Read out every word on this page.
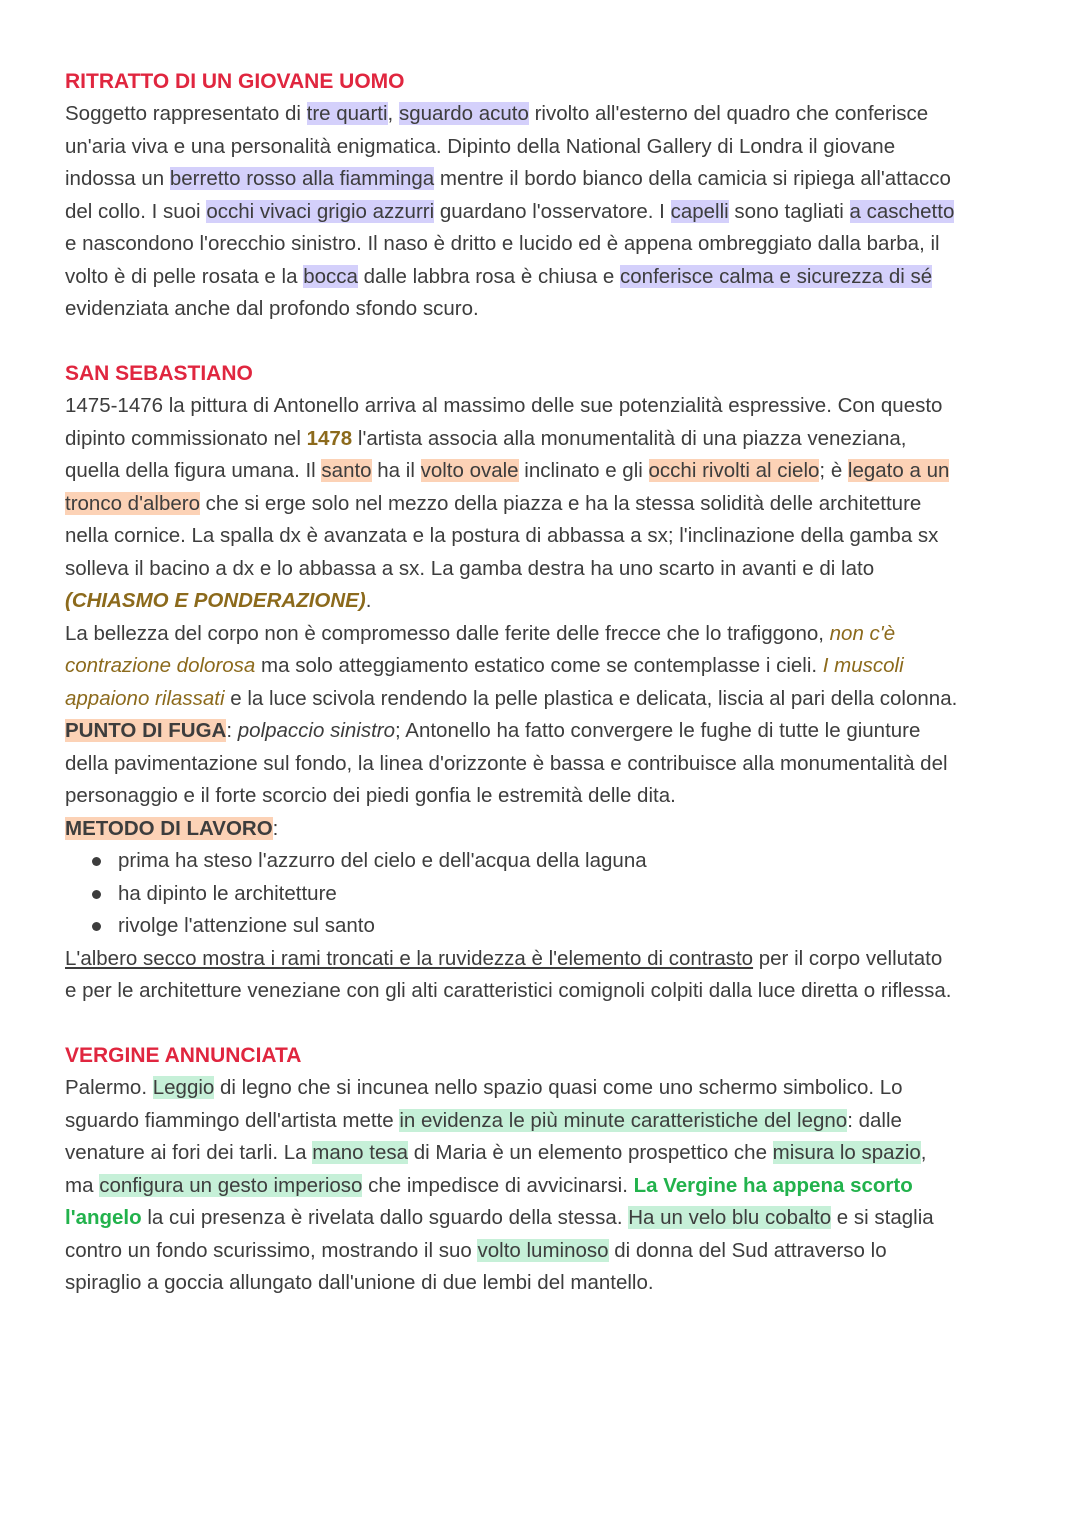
RITRATTO DI UN GIOVANE UOMO
Soggetto rappresentato di tre quarti, sguardo acuto rivolto all'esterno del quadro che conferisce
un'aria viva e una personalità enigmatica. Dipinto della National Gallery di Londra il giovane
indossa un berretto rosso alla fiamminga mentre il bordo bianco della camicia si ripiega all'attacco
del collo. I suoi occhi vivaci grigio azzurri guardano l'osservatore. I capelli sono tagliati a caschetto
e nascondono l'orecchio sinistro. Il naso è dritto e lucido ed è appena ombreggiato dalla barba, il
volto è di pelle rosata e la bocca dalle labbra rosa è chiusa e conferisce calma e sicurezza di sé
evidenziata anche dal profondo sfondo scuro.
SAN SEBASTIANO
1475-1476 la pittura di Antonello arriva al massimo delle sue potenzialità espressive. Con questo
dipinto commissionato nel 1478 l'artista associa alla monumentalità di una piazza veneziana,
quella della figura umana. Il santo ha il volto ovale inclinato e gli occhi rivolti al cielo; è legato a un
tronco d'albero che si erge solo nel mezzo della piazza e ha la stessa solidità delle architetture
nella cornice. La spalla dx è avanzata e la postura di abbassa a sx; l'inclinazione della gamba sx
solleva il bacino a dx e lo abbassa a sx. La gamba destra ha uno scarto in avanti e di lato
(CHIASMO E PONDERAZIONE).
La bellezza del corpo non è compromesso dalle ferite delle frecce che lo trafiggono, non c'è
contrazione dolorosa ma solo atteggiamento estatico come se contemplasse i cieli. I muscoli
appaiono rilassati e la luce scivola rendendo la pelle plastica e delicata, liscia al pari della colonna.
PUNTO DI FUGA: polpaccio sinistro; Antonello ha fatto convergere le fughe di tutte le giunture
della pavimentazione sul fondo, la linea d'orizzonte è bassa e contribuisce alla monumentalità del
personaggio e il forte scorcio dei piedi gonfia le estremità delle dita.
METODO DI LAVORO:
prima ha steso l'azzurro del cielo e dell'acqua della laguna
ha dipinto le architetture
rivolge l'attenzione sul santo
L'albero secco mostra i rami troncati e la ruvidezza è l'elemento di contrasto per il corpo vellutato
e per le architetture veneziane con gli alti caratteristici comignoli colpiti dalla luce diretta o riflessa.
VERGINE ANNUNCIATA
Palermo. Leggio di legno che si incunea nello spazio quasi come uno schermo simbolico. Lo
sguardo fiammingo dell'artista mette in evidenza le più minute caratteristiche del legno: dalle
venature ai fori dei tarli. La mano tesa di Maria è un elemento prospettico che misura lo spazio,
ma configura un gesto imperioso che impedisce di avvicinarsi. La Vergine ha appena scorto
l'angelo la cui presenza è rivelata dallo sguardo della stessa. Ha un velo blu cobalto e si staglia
contro un fondo scurissimo, mostrando il suo volto luminoso di donna del Sud attraverso lo
spiraglio a goccia allungato dall'unione di due lembi del mantello.
